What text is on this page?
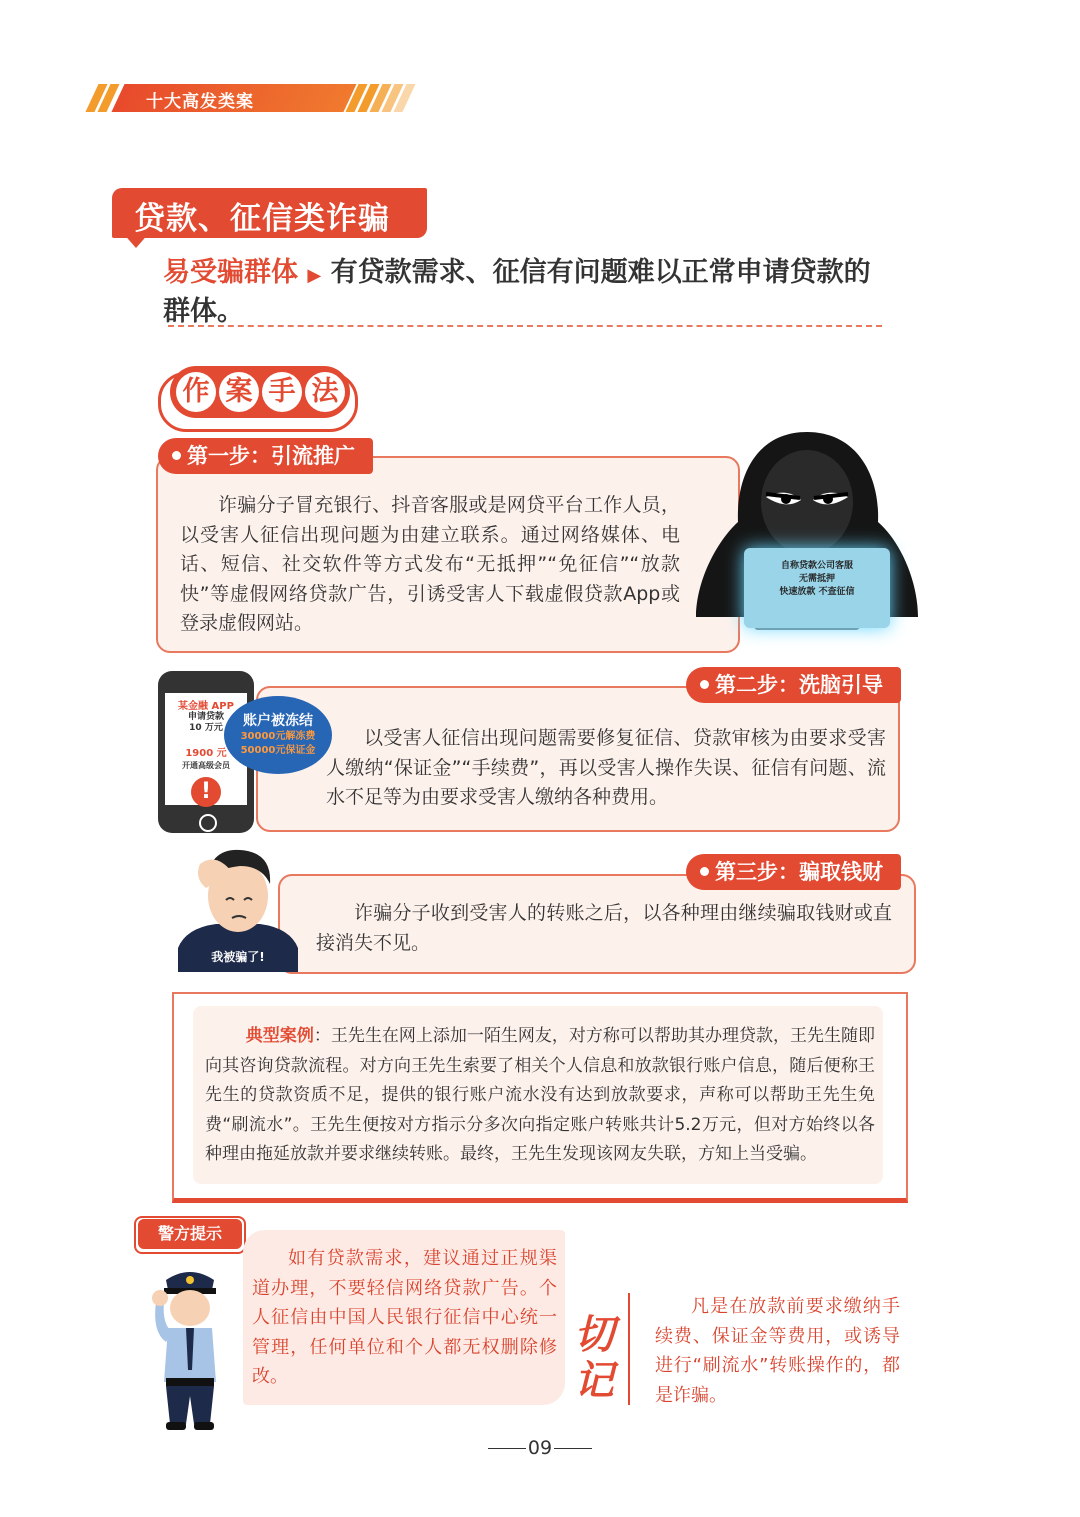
十大高发类案
贷款、征信类诈骗
易受骗群体 ▶ 有贷款需求、征信有问题难以正常申请贷款的群体。
作 案 手 法
第一步：引流推广
诈骗分子冒充银行、抖音客服或是网贷平台工作人员，以受害人征信出现问题为由建立联系。通过网络媒体、电话、短信、社交软件等方式发布“无抵押”“免征信”“放款快”等虚假网络贷款广告，引诱受害人下载虚假贷款App或登录虚假网站。
自称贷款公司客服
无需抵押
快速放款 不查征信
第二步：洗脑引导
以受害人征信出现问题需要修复征信、贷款审核为由要求受害人缴纳“保证金”“手续费”，再以受害人操作失误、征信有问题、流水不足等为由要求受害人缴纳各种费用。
某金融 APP
申请贷款
10 万元
1900 元
开通高级会员
!
账户被冻结
30000元解冻费
50000元保证金
第三步：骗取钱财
诈骗分子收到受害人的转账之后，以各种理由继续骗取钱财或直接消失不见。
我被骗了!
典型案例：王先生在网上添加一陌生网友，对方称可以帮助其办理贷款，王先生随即向其咨询贷款流程。对方向王先生索要了相关个人信息和放款银行账户信息，随后便称王先生的贷款资质不足，提供的银行账户流水没有达到放款要求，声称可以帮助王先生免费“刷流水”。王先生便按对方指示分多次向指定账户转账共计5.2万元，但对方始终以各种理由拖延放款并要求继续转账。最终，王先生发现该网友失联，方知上当受骗。
警方提示
如有贷款需求，建议通过正规渠道办理，不要轻信网络贷款广告。个人征信由中国人民银行征信中心统一管理，任何单位和个人都无权删除修改。
切
记
凡是在放款前要求缴纳手续费、保证金等费用，或诱导进行“刷流水”转账操作的，都是诈骗。
09
